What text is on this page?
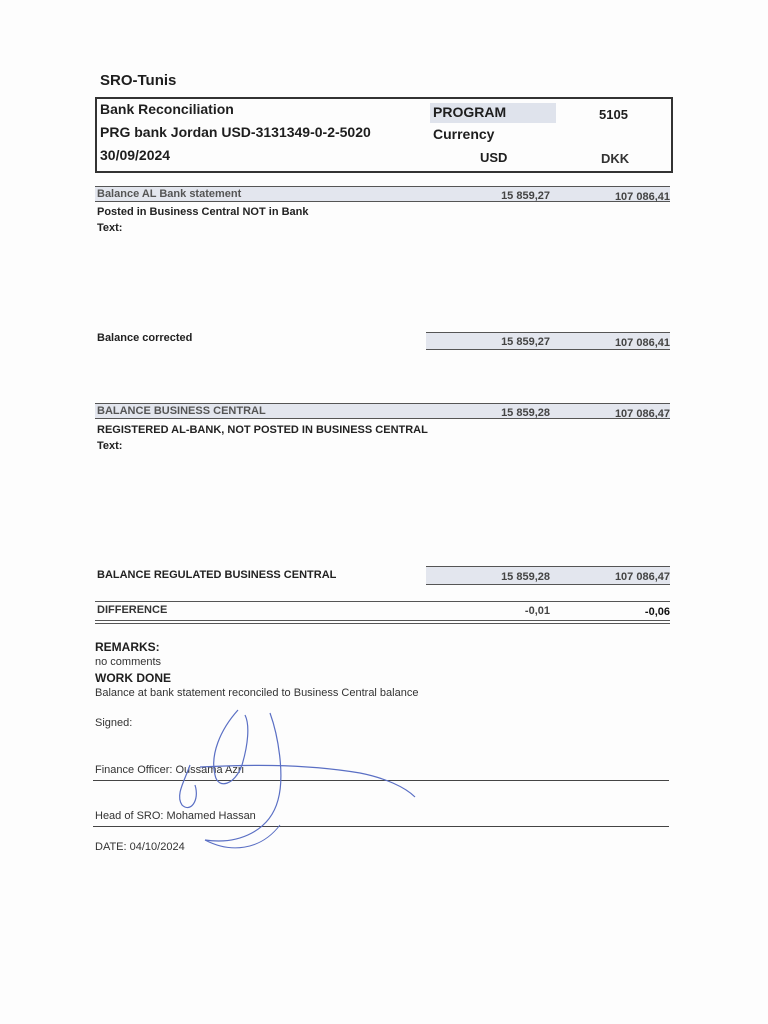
SRO-Tunis
Bank Reconciliation
PRG bank Jordan USD-3131349-0-2-5020
30/09/2024
PROGRAM	5105
Currency
USD	DKK
Balance AL Bank statement	15 859,27	107 086,41
Posted in Business Central NOT in Bank
Text:
Balance corrected	15 859,27	107 086,41
BALANCE BUSINESS CENTRAL	15 859,28	107 086,47
REGISTERED AL-BANK, NOT POSTED IN BUSINESS CENTRAL
Text:
BALANCE REGULATED BUSINESS CENTRAL	15 859,28	107 086,47
DIFFERENCE	-0,01	-0,06
REMARKS:
no comments
WORK DONE
Balance at bank statement reconciled to Business Central balance
Signed:
Finance Officer: Oussama Azri
Head of SRO: Mohamed Hassan
DATE: 04/10/2024
